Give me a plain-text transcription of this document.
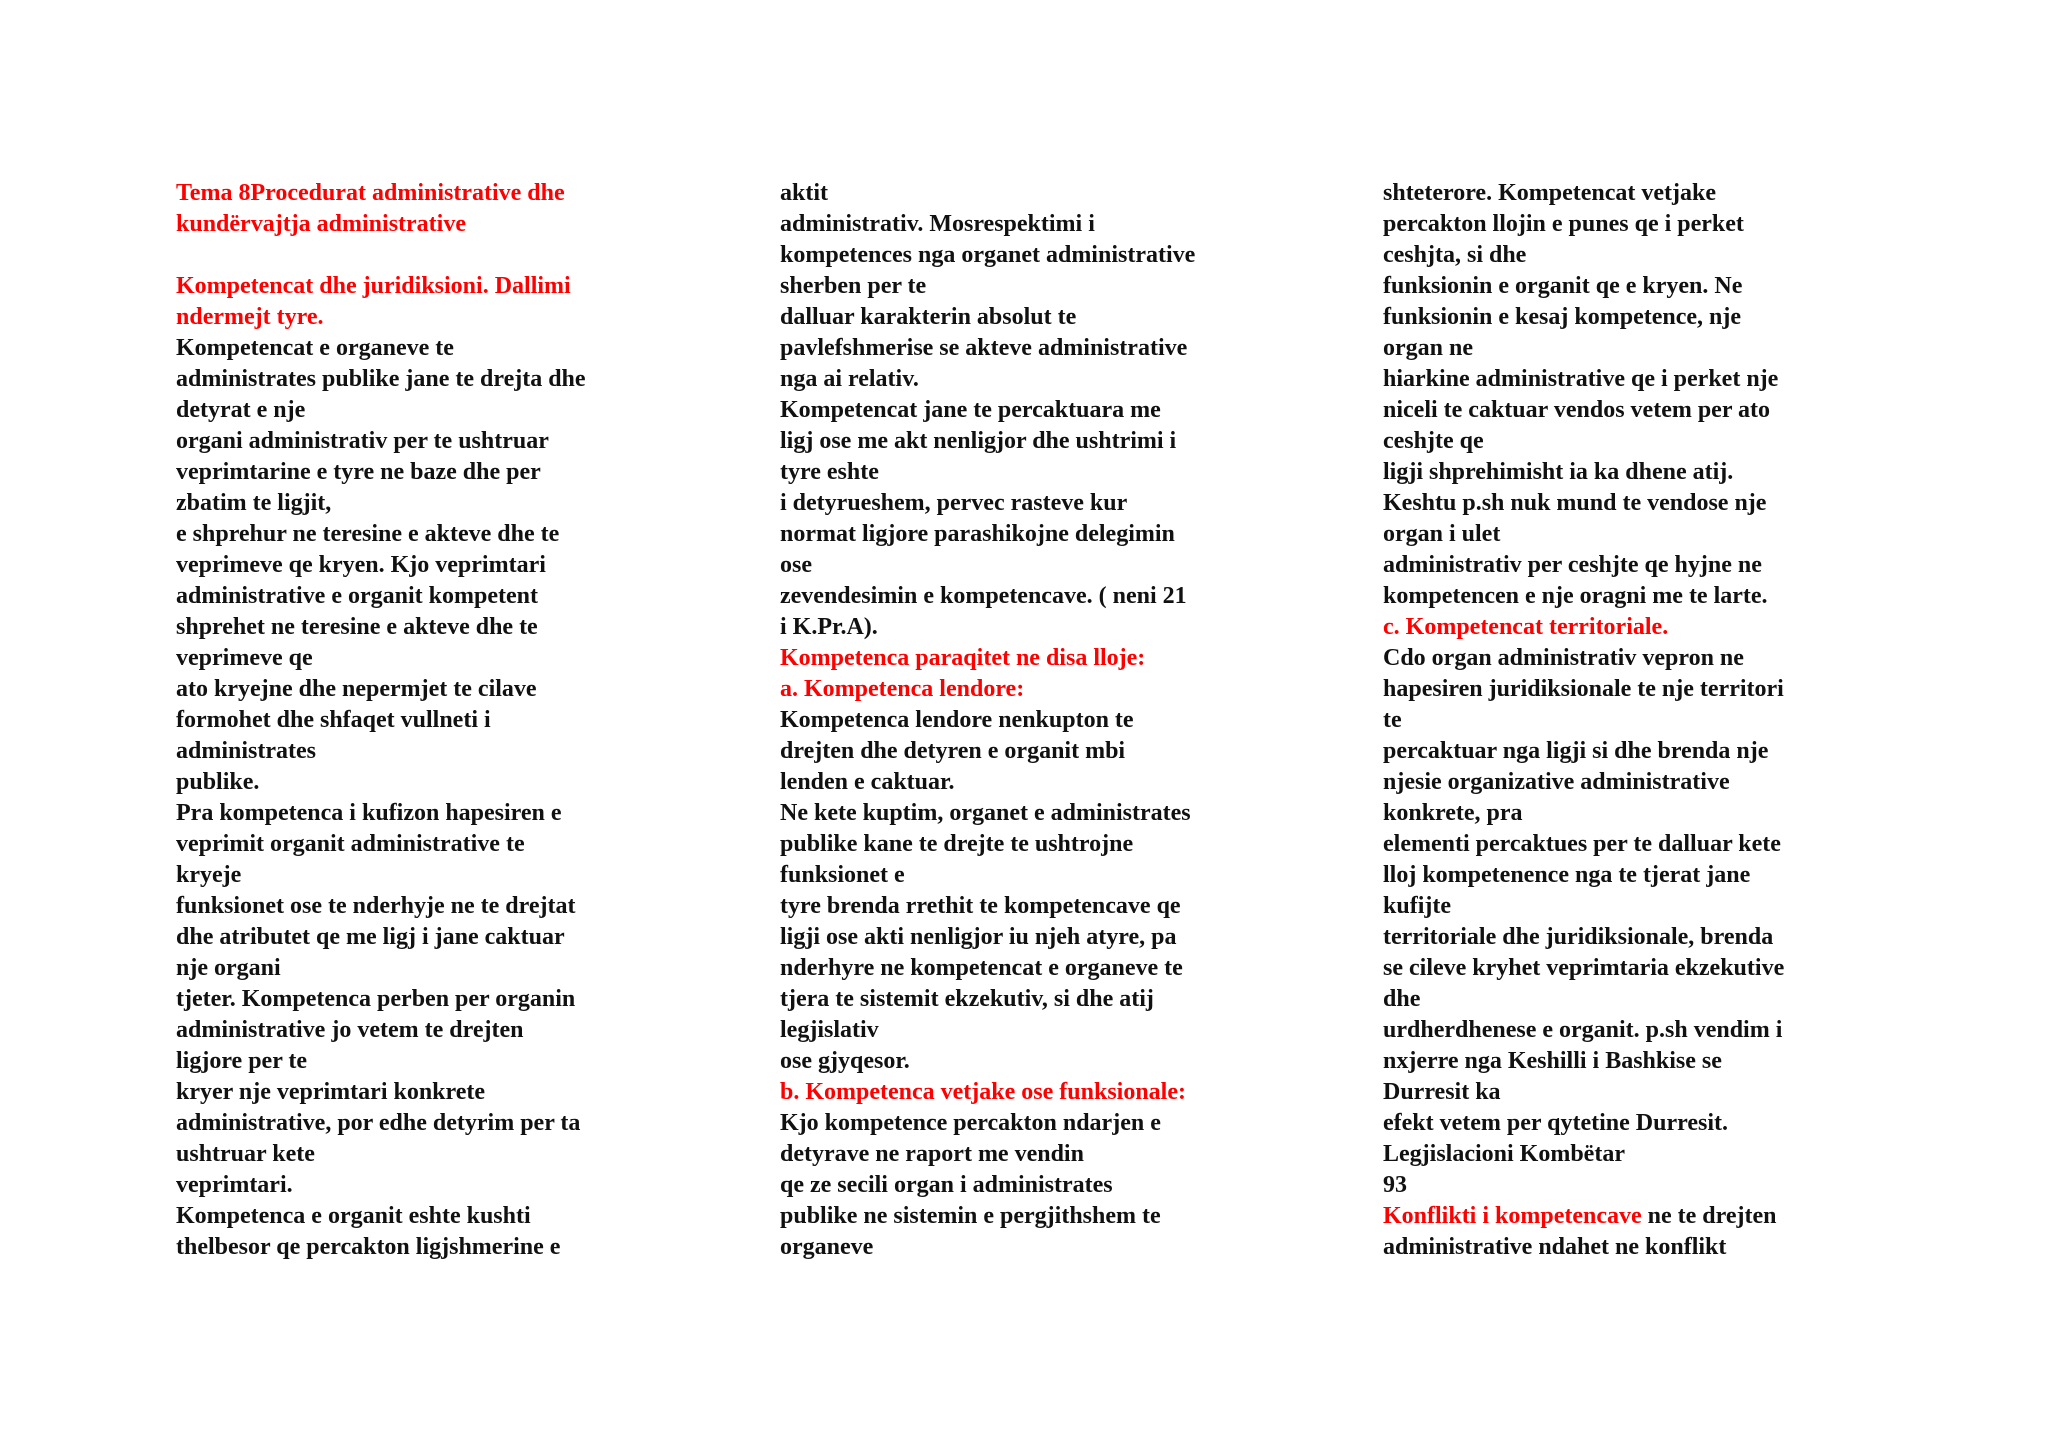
Tema 8Procedurat administrative dhe
kundërvajtja administrative
Kompetencat dhe juridiksioni. Dallimi
ndermejt tyre.
Kompetencat e organeve te
administrates publike jane te drejta dhe
detyrat e nje
organi administrativ per te ushtruar
veprimtarine e tyre ne baze dhe per
zbatim te ligjit,
e shprehur ne teresine e akteve dhe te
veprimeve qe kryen. Kjo veprimtari
administrative e organit kompetent
shprehet ne teresine e akteve dhe te
veprimeve qe
ato kryejne dhe nepermjet te cilave
formohet dhe shfaqet vullneti i
administrates
publike.
Pra kompetenca i kufizon hapesiren e
veprimit organit administrative te
kryeje
funksionet ose te nderhyje ne te drejtat
dhe atributet qe me ligj i jane caktuar
nje organi
tjeter. Kompetenca perben per organin
administrative jo vetem te drejten
ligjore per te
kryer nje veprimtari konkrete
administrative, por edhe detyrim per ta
ushtruar kete
veprimtari.
Kompetenca e organit eshte kushti
thelbesor qe percakton ligjshmerine e
aktit
administrativ. Mosrespektimi i
kompetences nga organet administrative
sherben per te
dalluar karakterin absolut te
pavlefshmerise se akteve administrative
nga ai relativ.
Kompetencat jane te percaktuara me
ligj ose me akt nenligjor dhe ushtrimi i
tyre eshte
i detyrueshem, pervec rasteve kur
normat ligjore parashikojne delegimin
ose
zevendesimin e kompetencave. ( neni 21
i K.Pr.A).
Kompetenca paraqitet ne disa lloje:
a. Kompetenca lendore:
Kompetenca lendore nenkupton te
drejten dhe detyren e organit mbi
lenden e caktuar.
Ne kete kuptim, organet e administrates
publike kane te drejte te ushtrojne
funksionet e
tyre brenda rrethit te kompetencave qe
ligji ose akti nenligjor iu njeh atyre, pa
nderhyre ne kompetencat e organeve te
tjera te sistemit ekzekutiv, si dhe atij
legjislativ
ose gjyqesor.
b. Kompetenca vetjake ose funksionale:
Kjo kompetence percakton ndarjen e
detyrave ne raport me vendin
qe ze secili organ i administrates
publike ne sistemin e pergjithshem te
organeve
shteterore. Kompetencat vetjake
percakton llojin e punes qe i perket
ceshjta, si dhe
funksionin e organit qe e kryen. Ne
funksionin e kesaj kompetence, nje
organ ne
hiarkine administrative qe i perket nje
niceli te caktuar vendos vetem per ato
ceshjte qe
ligji shprehimisht ia ka dhene atij.
Keshtu p.sh nuk mund te vendose nje
organ i ulet
administrativ per ceshjte qe hyjne ne
kompetencen e nje oragni me te larte.
c. Kompetencat territoriale.
Cdo organ administrativ vepron ne
hapesiren juridiksionale te nje territori
te
percaktuar nga ligji si dhe brenda nje
njesie organizative administrative
konkrete, pra
elementi percaktues per te dalluar kete
lloj kompetenence nga te tjerat jane
kufijte
territoriale dhe juridiksionale, brenda
se cileve kryhet veprimtaria ekzekutive
dhe
urdherdhenese e organit. p.sh vendim i
nxjerre nga Keshilli i Bashkise se
Durresit ka
efekt vetem per qytetine Durresit.
Legjislacioni Kombëtar
93
Konflikti i kompetencave ne te drejten
administrative ndahet ne konflikt
